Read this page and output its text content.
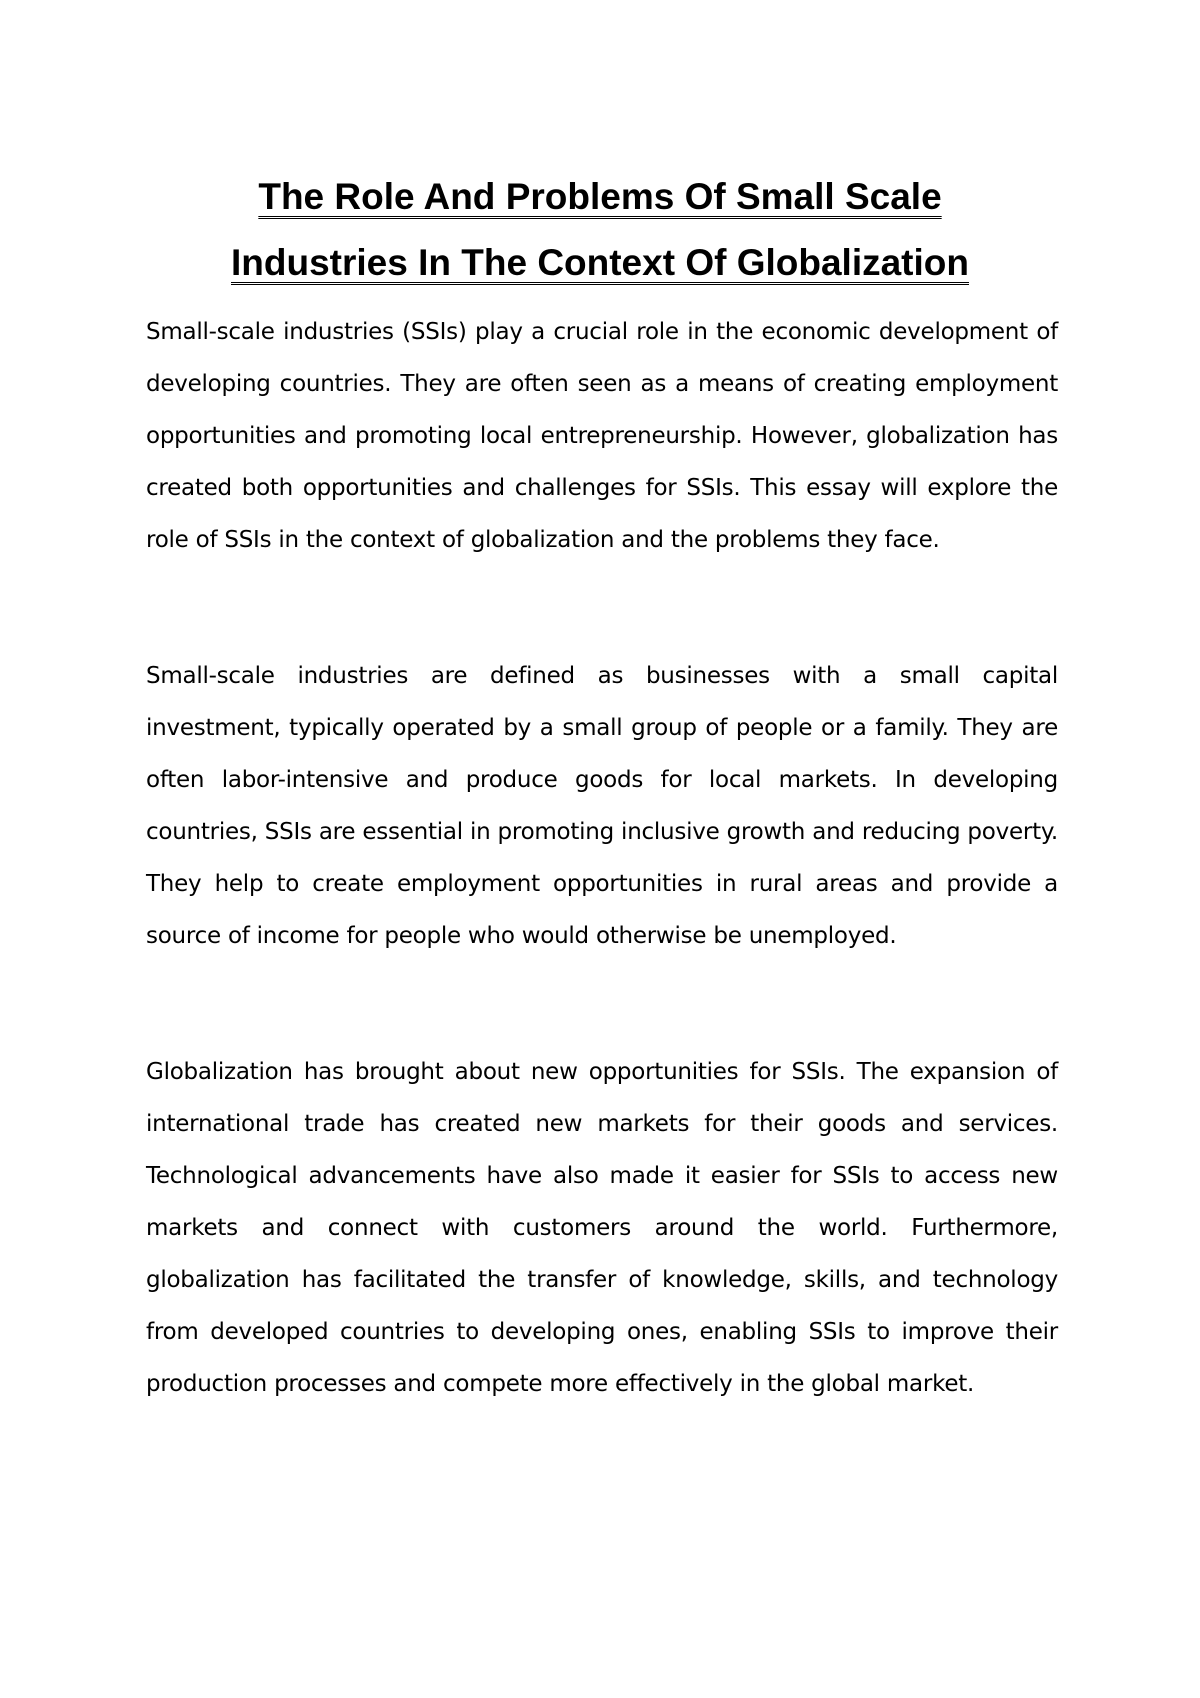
The Role And Problems Of Small Scale
Industries In The Context Of Globalization

Small-scale industries (SSIs) play a crucial role in the economic development of developing countries. They are often seen as a means of creating employment opportunities and promoting local entrepreneurship. However, globalization has created both opportunities and challenges for SSIs. This essay will explore the role of SSIs in the context of globalization and the problems they face.

Small-scale industries are defined as businesses with a small capital investment, typically operated by a small group of people or a family. They are often labor-intensive and produce goods for local markets. In developing countries, SSIs are essential in promoting inclusive growth and reducing poverty. They help to create employment opportunities in rural areas and provide a source of income for people who would otherwise be unemployed.

Globalization has brought about new opportunities for SSIs. The expansion of international trade has created new markets for their goods and services. Technological advancements have also made it easier for SSIs to access new markets and connect with customers around the world. Furthermore, globalization has facilitated the transfer of knowledge, skills, and technology from developed countries to developing ones, enabling SSIs to improve their production processes and compete more effectively in the global market.
